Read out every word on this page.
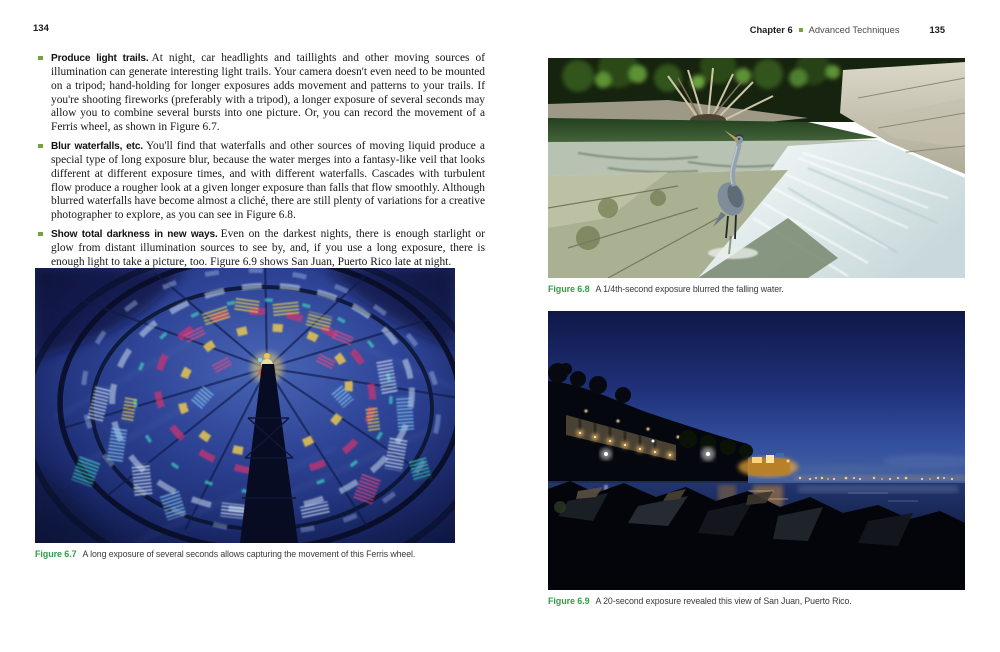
134	Chapter 6 Advanced Techniques	135
Produce light trails. At night, car headlights and taillights and other moving sources of illumination can generate interesting light trails. Your camera doesn't even need to be mounted on a tripod; hand-holding for longer exposures adds movement and patterns to your trails. If you're shooting fireworks (preferably with a tripod), a longer exposure of several seconds may allow you to combine several bursts into one picture. Or, you can record the movement of a Ferris wheel, as shown in Figure 6.7.
Blur waterfalls, etc. You'll find that waterfalls and other sources of moving liquid produce a special type of long exposure blur, because the water merges into a fantasy-like veil that looks different at different exposure times, and with different waterfalls. Cascades with turbulent flow produce a rougher look at a given longer exposure than falls that flow smoothly. Although blurred waterfalls have become almost a cliché, there are still plenty of variations for a creative photographer to explore, as you can see in Figure 6.8.
Show total darkness in new ways. Even on the darkest nights, there is enough starlight or glow from distant illumination sources to see by, and, if you use a long exposure, there is enough light to take a picture, too. Figure 6.9 shows San Juan, Puerto Rico late at night.
Figure 6.7 A long exposure of several seconds allows capturing the movement of this Ferris wheel.
Figure 6.8 A 1/4th-second exposure blurred the falling water.
Figure 6.9 A 20-second exposure revealed this view of San Juan, Puerto Rico.
